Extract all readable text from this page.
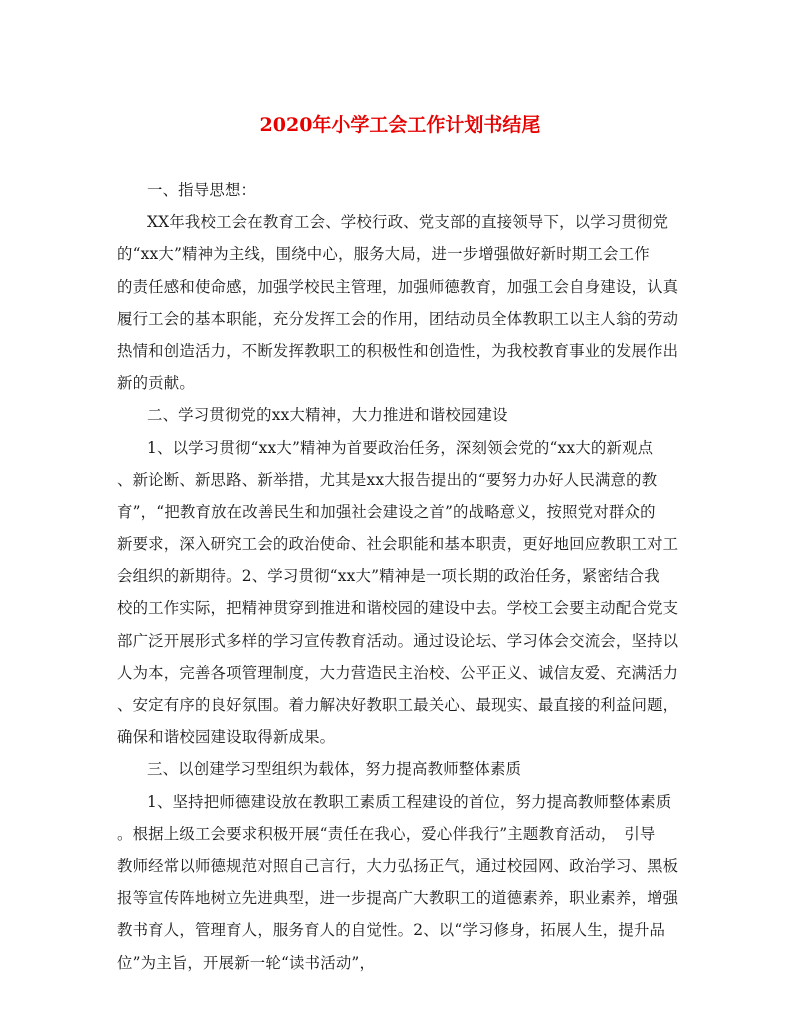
2020年小学工会工作计划书结尾
一、指导思想：
XX年我校工会在教育工会、学校行政、党支部的直接领导下，以学习贯彻党
的“xx大”精神为主线，围绕中心，服务大局，进一步增强做好新时期工会工作
的责任感和使命感，加强学校民主管理，加强师德教育，加强工会自身建设，认真
履行工会的基本职能，充分发挥工会的作用，团结动员全体教职工以主人翁的劳动
热情和创造活力，不断发挥教职工的积极性和创造性，为我校教育事业的发展作出
新的贡献。
二、学习贯彻党的xx大精神，大力推进和谐校园建设
1、以学习贯彻“xx大”精神为首要政治任务，深刻领会党的“xx大的新观点
、新论断、新思路、新举措，尤其是xx大报告提出的“要努力办好人民满意的教
育”，“把教育放在改善民生和加强社会建设之首”的战略意义，按照党对群众的
新要求，深入研究工会的政治使命、社会职能和基本职责，更好地回应教职工对工
会组织的新期待。2、学习贯彻“xx大”精神是一项长期的政治任务，紧密结合我
校的工作实际，把精神贯穿到推进和谐校园的建设中去。学校工会要主动配合党支
部广泛开展形式多样的学习宣传教育活动。通过设论坛、学习体会交流会，坚持以
人为本，完善各项管理制度，大力营造民主治校、公平正义、诚信友爱、充满活力
、安定有序的良好氛围。着力解决好教职工最关心、最现实、最直接的利益问题，
确保和谐校园建设取得新成果。
三、以创建学习型组织为载体，努力提高教师整体素质
1、坚持把师德建设放在教职工素质工程建设的首位，努力提高教师整体素质
。根据上级工会要求积极开展“责任在我心，爱心伴我行”主题教育活动，　引导
教师经常以师德规范对照自己言行，大力弘扬正气，通过校园网、政治学习、黑板
报等宣传阵地树立先进典型，进一步提高广大教职工的道德素养，职业素养，增强
教书育人，管理育人，服务育人的自觉性。2、以“学习修身，拓展人生，提升品
位”为主旨，开展新一轮“读书活动”，
